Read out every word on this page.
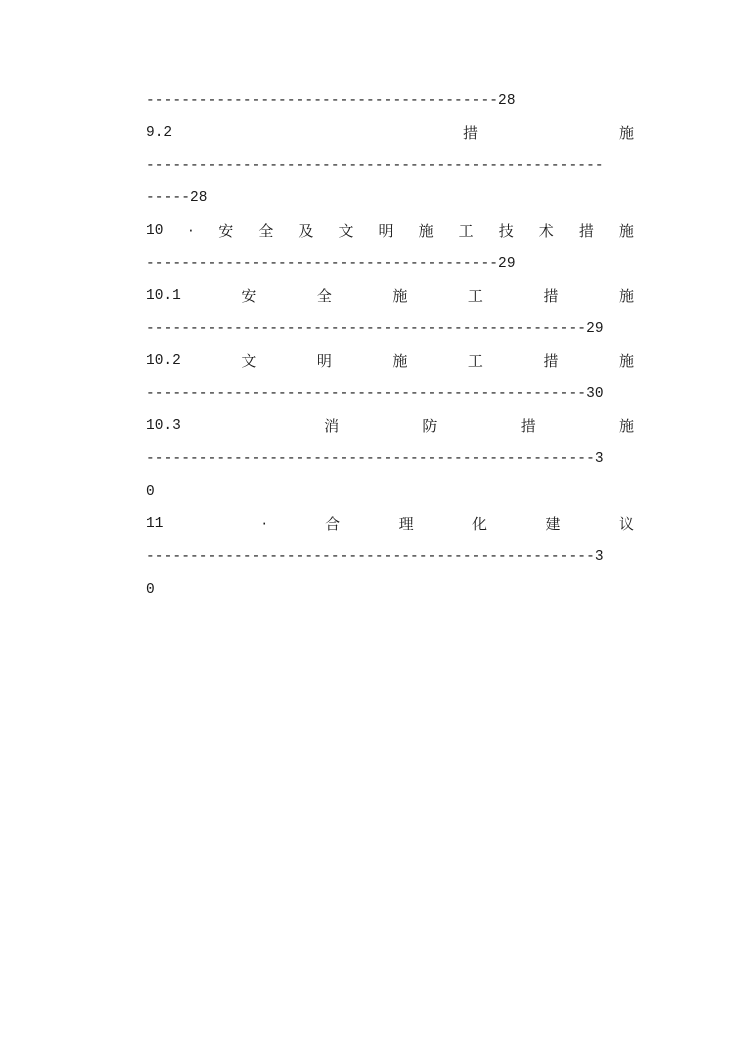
----------------------------------------28
9.2	措	施
----------------------------------------------------
-----28
10 · 安 全 及 文 明 施 工 技 术 措 施
----------------------------------------29
10.1	安	全	施	工	措	施
--------------------------------------------------29
10.2	文	明	施	工	措	施
--------------------------------------------------30
10.3	消	防	措	施
---------------------------------------------------3
0
11	·	合	理	化	建	议
---------------------------------------------------3
0
